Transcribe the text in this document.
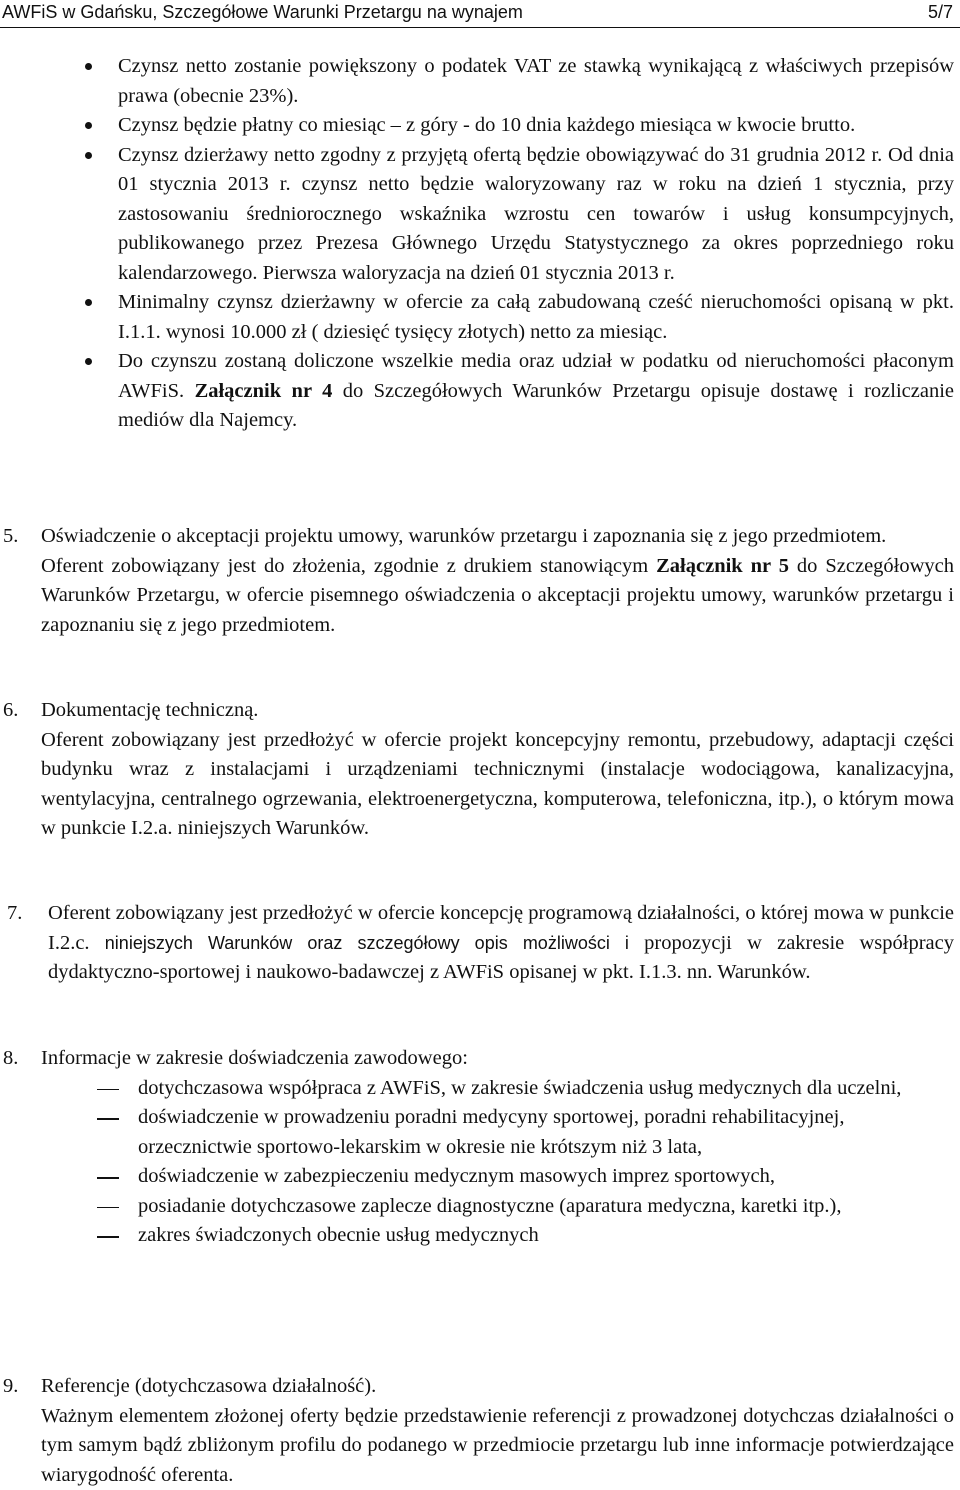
AWFiS w Gdańsku, Szczegółowe Warunki Przetargu na wynajem	5/7
Czynsz netto zostanie powiększony o podatek VAT ze stawką wynikającą z właściwych przepisów prawa (obecnie 23%).
Czynsz będzie płatny co miesiąc – z góry - do 10 dnia każdego miesiąca w kwocie brutto.
Czynsz dzierżawy netto zgodny z przyjętą ofertą będzie obowiązywać do 31 grudnia 2012 r. Od dnia 01 stycznia 2013 r. czynsz netto będzie waloryzowany raz w roku na dzień 1 stycznia, przy zastosowaniu średniorocznego wskaźnika wzrostu cen towarów i usług konsumpcyjnych, publikowanego przez Prezesa Głównego Urzędu Statystycznego za okres poprzedniego roku kalendarzowego. Pierwsza waloryzacja na dzień 01 stycznia 2013 r.
Minimalny czynsz dzierżawny w ofercie za całą zabudowaną cześć nieruchomości opisaną w pkt. I.1.1. wynosi 10.000 zł ( dziesięć tysięcy złotych) netto za miesiąc.
Do czynszu zostaną doliczone wszelkie media oraz udział w podatku od nieruchomości płaconym AWFiS. Załącznik nr 4 do Szczegółowych Warunków Przetargu opisuje dostawę i rozliczanie mediów dla Najemcy.
5. Oświadczenie o akceptacji projektu umowy, warunków przetargu i zapoznania się z jego przedmiotem.
Oferent zobowiązany jest do złożenia, zgodnie z drukiem stanowiącym Załącznik nr 5 do Szczegółowych Warunków Przetargu, w ofercie pisemnego oświadczenia o akceptacji projektu umowy, warunków przetargu i zapoznaniu się z jego przedmiotem.
6. Dokumentację techniczną.
Oferent zobowiązany jest przedłożyć w ofercie projekt koncepcyjny remontu, przebudowy, adaptacji części budynku wraz z instalacjami i urządzeniami technicznymi (instalacje wodociągowa, kanalizacyjna, wentylacyjna, centralnego ogrzewania, elektroenergetyczna, komputerowa, telefoniczna, itp.), o którym mowa w punkcie I.2.a. niniejszych Warunków.
7. Oferent zobowiązany jest przedłożyć w ofercie koncepcję programową działalności, o której mowa w punkcie I.2.c. niniejszych Warunków oraz szczegółowy opis możliwości i propozycji w zakresie współpracy dydaktyczno-sportowej i naukowo-badawczej z AWFiS opisanej w pkt. I.1.3. nn. Warunków.
8. Informacje w zakresie doświadczenia zawodowego:
dotychczasowa współpraca z AWFiS, w zakresie świadczenia usług medycznych dla uczelni,
doświadczenie w prowadzeniu poradni medycyny sportowej, poradni rehabilitacyjnej, orzecznictwie sportowo-lekarskim w okresie nie krótszym niż 3 lata,
doświadczenie w zabezpieczeniu medycznym masowych imprez sportowych,
posiadanie dotychczasowe zaplecze diagnostyczne (aparatura medyczna, karetki itp.),
zakres świadczonych obecnie usług medycznych
9. Referencje (dotychczasowa działalność).
Ważnym elementem złożonej oferty będzie przedstawienie referencji z prowadzonej dotychczas działalności o tym samym bądź zbliżonym profilu do podanego w przedmiocie przetargu lub inne informacje potwierdzające wiarygodność oferenta.
